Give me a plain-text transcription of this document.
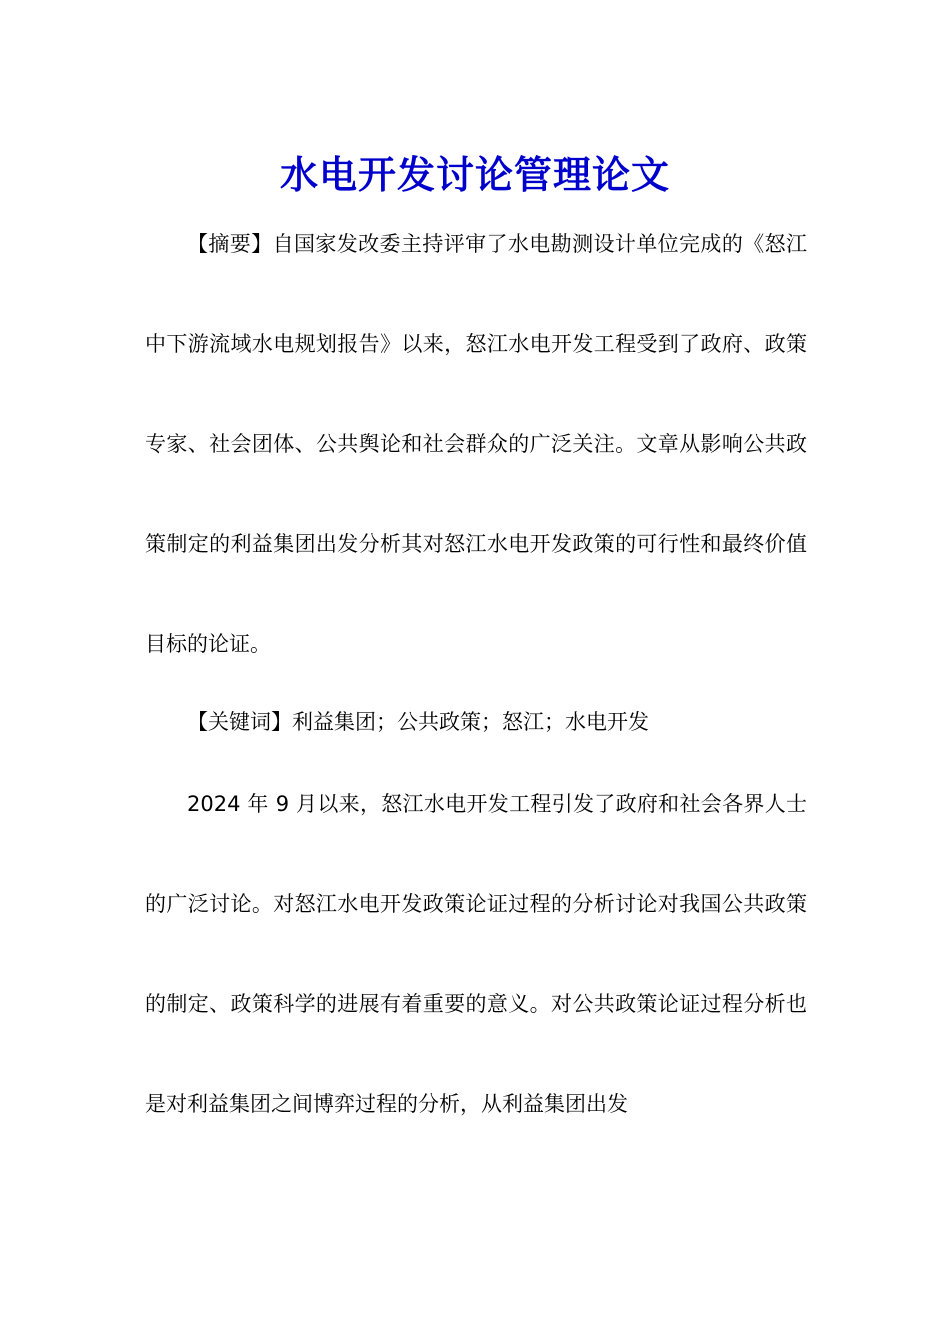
水电开发讨论管理论文

【摘要】自国家发改委主持评审了水电勘测设计单位完成的《怒江中下游流域水电规划报告》以来，怒江水电开发工程受到了政府、政策专家、社会团体、公共舆论和社会群众的广泛关注。文章从影响公共政策制定的利益集团出发分析其对怒江水电开发政策的可行性和最终价值目标的论证。

【关键词】利益集团；公共政策；怒江；水电开发

2024 年 9 月以来，怒江水电开发工程引发了政府和社会各界人士的广泛讨论。对怒江水电开发政策论证过程的分析讨论对我国公共政策的制定、政策科学的进展有着重要的意义。对公共政策论证过程分析也是对利益集团之间博弈过程的分析，从利益集团出发
